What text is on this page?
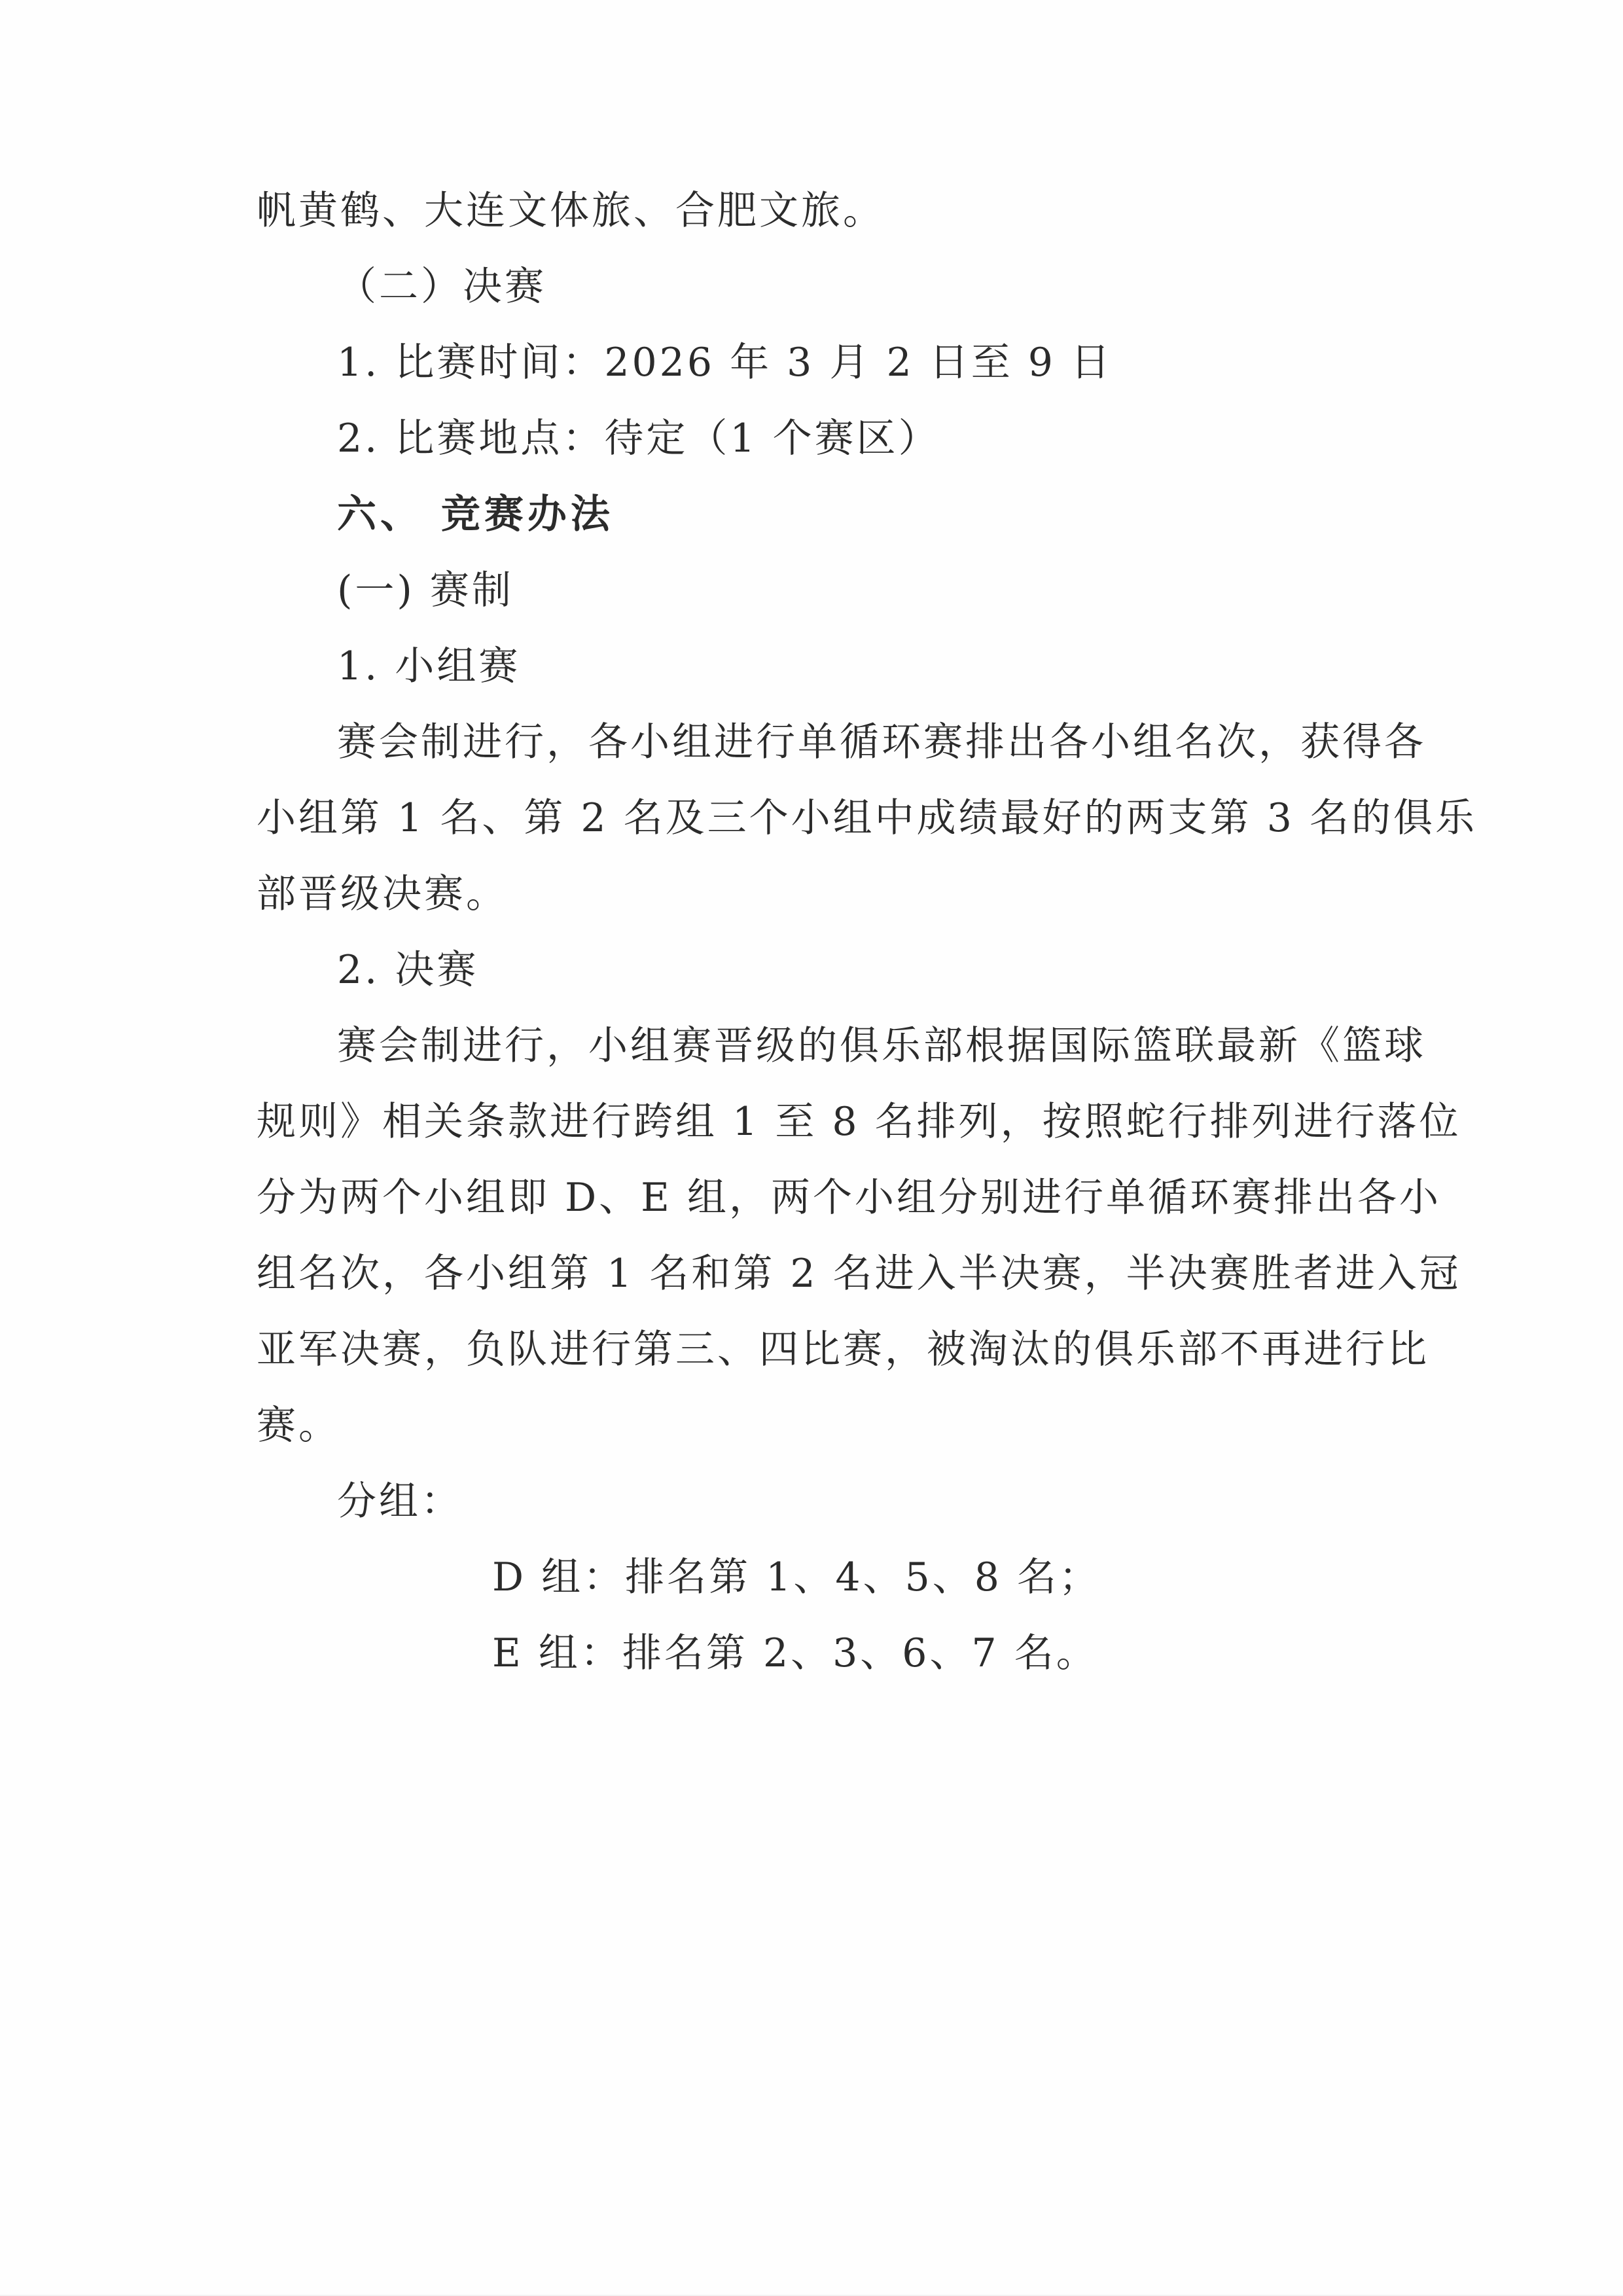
帆黄鹤、大连文体旅、合肥文旅。
（二）决赛
1. 比赛时间：2026 年 3 月 2 日至 9 日
2. 比赛地点：待定（1 个赛区）
六、 竞赛办法
(一) 赛制
1. 小组赛
赛会制进行，各小组进行单循环赛排出各小组名次，获得各
小组第 1 名、第 2 名及三个小组中成绩最好的两支第 3 名的俱乐
部晋级决赛。
2. 决赛
赛会制进行，小组赛晋级的俱乐部根据国际篮联最新《篮球
规则》相关条款进行跨组 1 至 8 名排列，按照蛇行排列进行落位
分为两个小组即 D、E 组，两个小组分别进行单循环赛排出各小
组名次，各小组第 1 名和第 2 名进入半决赛，半决赛胜者进入冠
亚军决赛，负队进行第三、四比赛，被淘汰的俱乐部不再进行比
赛。
分组：
D 组：排名第 1、4、5、8 名；
E 组：排名第 2、3、6、7 名。
